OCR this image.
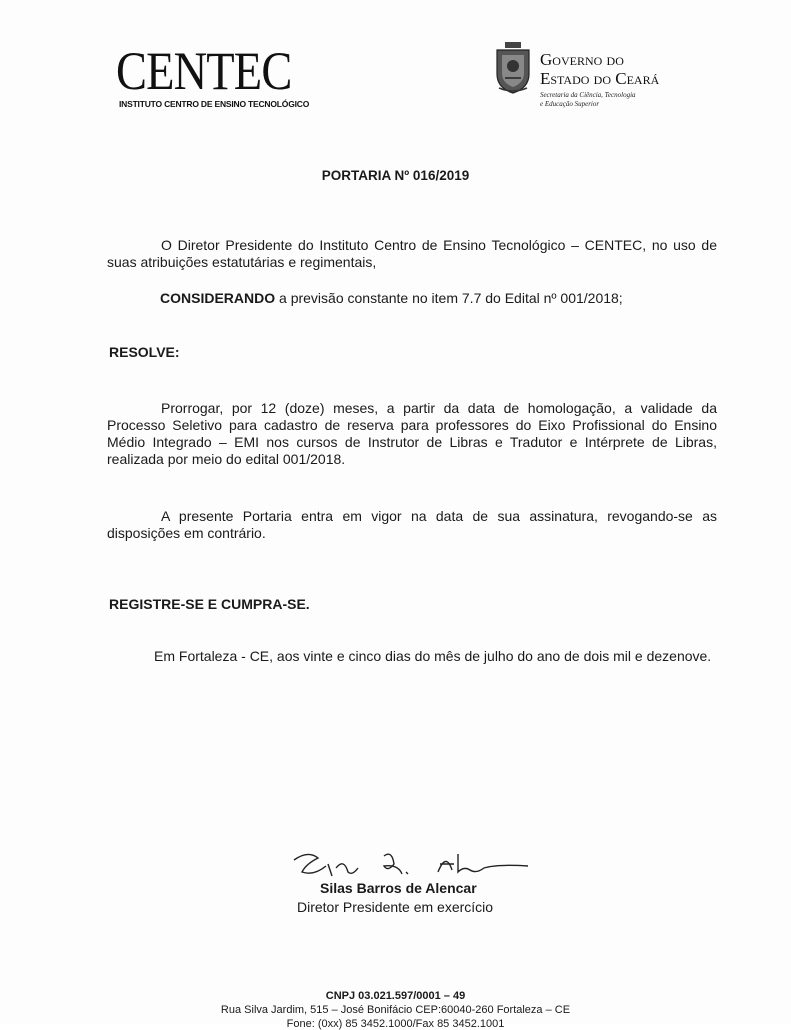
CENTEC
INSTITUTO CENTRO DE ENSINO TECNOLÓGICO
Governo do
Estado do Ceará
Secretaria da Ciência, Tecnologia
e Educação Superior
PORTARIA Nº 016/2019
O Diretor Presidente do Instituto Centro de Ensino Tecnológico – CENTEC, no uso de suas atribuições estatutárias e regimentais,
CONSIDERANDO a previsão constante no item 7.7 do Edital nº 001/2018;
RESOLVE:
Prorrogar, por 12 (doze) meses, a partir da data de homologação, a validade da Processo Seletivo para cadastro de reserva para professores do Eixo Profissional do Ensino Médio Integrado – EMI nos cursos de Instrutor de Libras e Tradutor e Intérprete de Libras, realizada por meio do edital 001/2018.
A presente Portaria entra em vigor na data de sua assinatura, revogando-se as disposições em contrário.
REGISTRE-SE E CUMPRA-SE.
Em Fortaleza - CE, aos vinte e cinco dias do mês de julho do ano de dois mil e dezenove.
Silas Barros de Alencar
Diretor Presidente em exercício
CNPJ 03.021.597/0001 – 49
Rua Silva Jardim, 515 – José Bonifácio CEP:60040-260 Fortaleza – CE
Fone: (0xx) 85 3452.1000/Fax 85 3452.1001
